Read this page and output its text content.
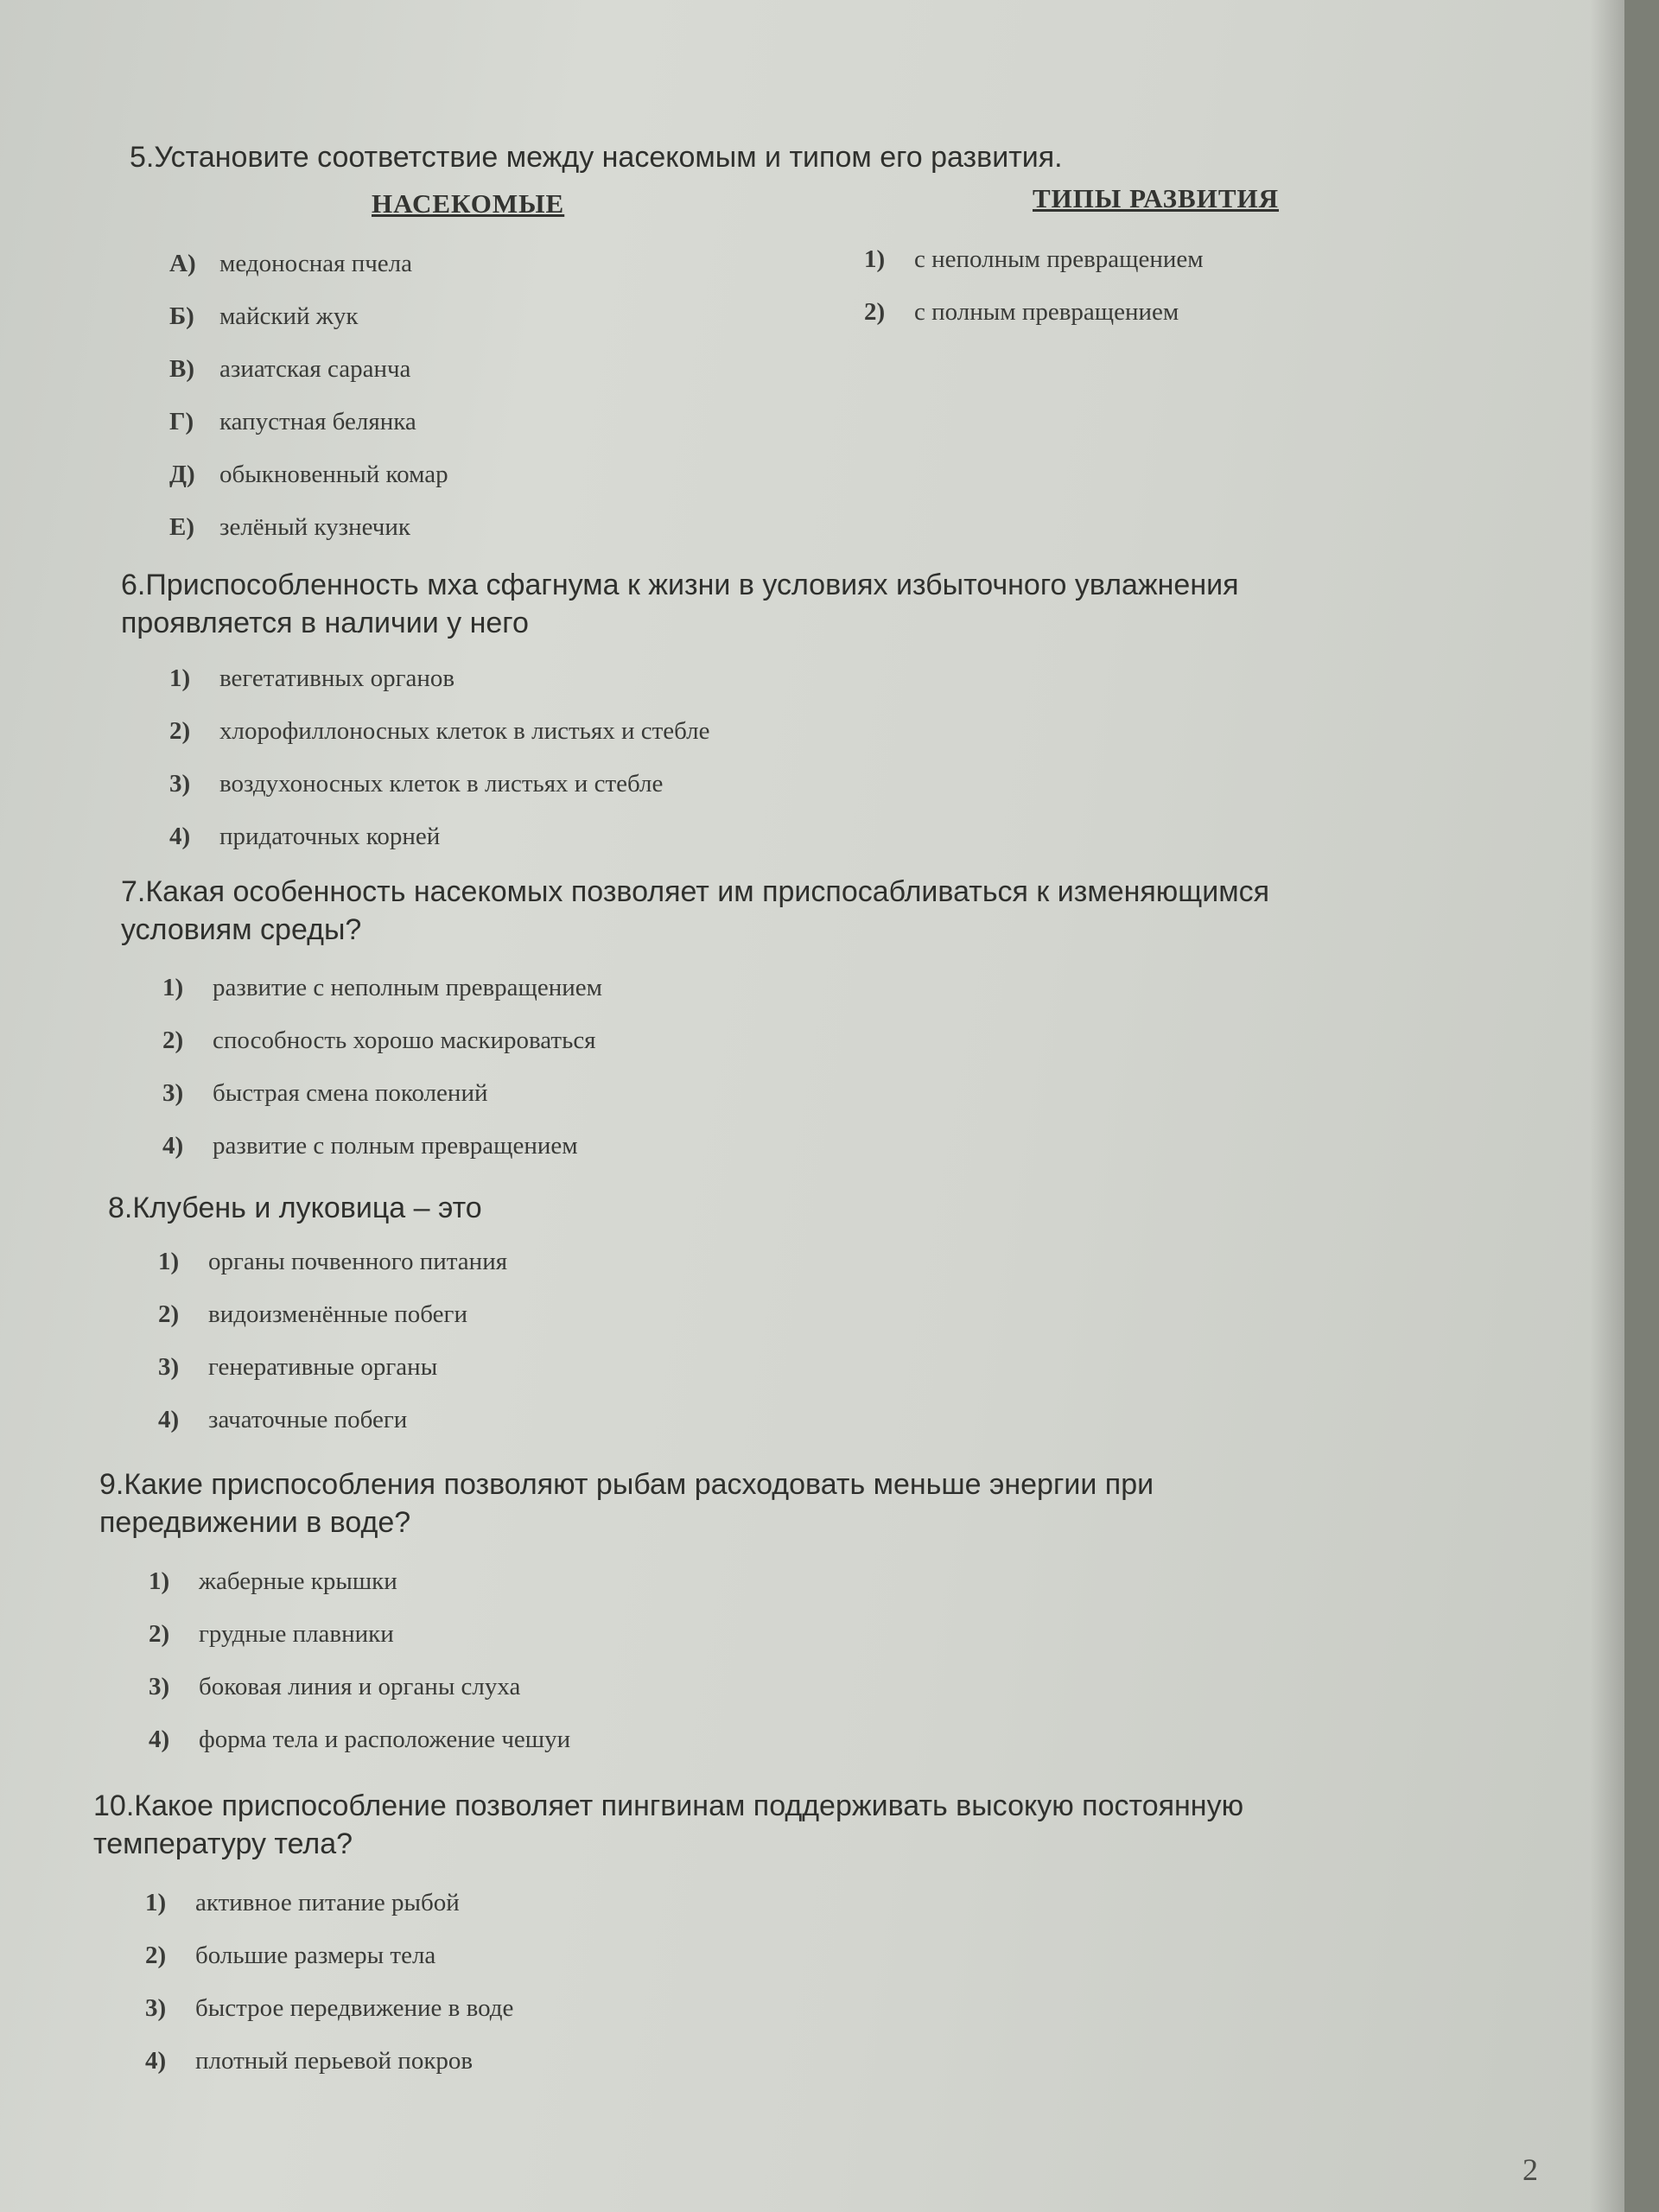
5.Установите соответствие между насекомым и типом его развития.

НАСЕКОМЫЕ	ТИПЫ РАЗВИТИЯ
А) медоносная пчела
Б) майский жук
В) азиатская саранча
Г) капустная белянка
Д) обыкновенный комар
Е) зелёный кузнечик
1) с неполным превращением
2) с полным превращением

6.Приспособленность мха сфагнума к жизни в условиях избыточного увлажнения

проявляется в наличии у него

1) вегетативных органов
2) хлорофиллоносных клеток в листьях и стебле
3) воздухоносных клеток в листьях и стебле
4) придаточных корней

7.Какая особенность насекомых позволяет им приспосабливаться к изменяющимся

условиям среды?

1) развитие с неполным превращением
2) способность хорошо маскироваться
3) быстрая смена поколений
4) развитие с полным превращением

8.Клубень и луковица – это

1) органы почвенного питания
2) видоизменённые побеги
3) генеративные органы
4) зачаточные побеги

9.Какие приспособления позволяют рыбам расходовать меньше энергии при

передвижении в воде?

1) жаберные крышки
2) грудные плавники
3) боковая линия и органы слуха
4) форма тела и расположение чешуи

10.Какое приспособление позволяет пингвинам поддерживать высокую постоянную

температуру тела?

1) активное питание рыбой
2) большие размеры тела
3) быстрое передвижение в воде
4) плотный перьевой покров
2
